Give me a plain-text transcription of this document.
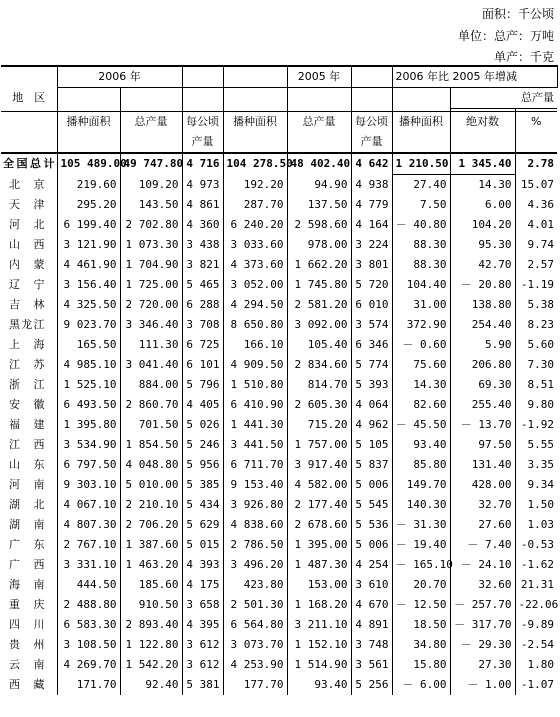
面积：千公顷
单位：总产：万吨
单产：千克
地　区	2006 年				2005 年		2006 年比 2005 年增减		
								总产量	

	播种面积	总产量	每公顷	播种面积	总产量	每公顷	播种面积	绝对数	%
			产量			产量			
全国总计	105 489.00	49 747.80	4 716	104 278.50	48 402.40	4 642	1 210.50	1 345.40	2.78
北京	219.60	109.20	4 973	192.20	94.90	4 938	27.40	14.30	15.07
天津	295.20	143.50	4 861	287.70	137.50	4 779	7.50	6.00	4.36
河北	6 199.40	2 702.80	4 360	6 240.20	2 598.60	4 164	－ 40.80	104.20	4.01
山西	3 121.90	1 073.30	3 438	3 033.60	978.00	3 224	88.30	95.30	9.74
内蒙	4 461.90	1 704.90	3 821	4 373.60	1 662.20	3 801	88.30	42.70	2.57
辽宁	3 156.40	1 725.00	5 465	3 052.00	1 745.80	5 720	104.40	－ 20.80	-1.19
吉林	4 325.50	2 720.00	6 288	4 294.50	2 581.20	6 010	31.00	138.80	5.38
黑龙江	9 023.70	3 346.40	3 708	8 650.80	3 092.00	3 574	372.90	254.40	8.23
上海	165.50	111.30	6 725	166.10	105.40	6 346	－ 0.60	5.90	5.60
江苏	4 985.10	3 041.40	6 101	4 909.50	2 834.60	5 774	75.60	206.80	7.30
浙江	1 525.10	884.00	5 796	1 510.80	814.70	5 393	14.30	69.30	8.51
安徽	6 493.50	2 860.70	4 405	6 410.90	2 605.30	4 064	82.60	255.40	9.80
福建	1 395.80	701.50	5 026	1 441.30	715.20	4 962	－ 45.50	－ 13.70	-1.92
江西	3 534.90	1 854.50	5 246	3 441.50	1 757.00	5 105	93.40	97.50	5.55
山东	6 797.50	4 048.80	5 956	6 711.70	3 917.40	5 837	85.80	131.40	3.35
河南	9 303.10	5 010.00	5 385	9 153.40	4 582.00	5 006	149.70	428.00	9.34
湖北	4 067.10	2 210.10	5 434	3 926.80	2 177.40	5 545	140.30	32.70	1.50
湖南	4 807.30	2 706.20	5 629	4 838.60	2 678.60	5 536	－ 31.30	27.60	1.03
广东	2 767.10	1 387.60	5 015	2 786.50	1 395.00	5 006	－ 19.40	－ 7.40	-0.53
广西	3 331.10	1 463.20	4 393	3 496.20	1 487.30	4 254	－ 165.10	－ 24.10	-1.62
海南	444.50	185.60	4 175	423.80	153.00	3 610	20.70	32.60	21.31
重庆	2 488.80	910.50	3 658	2 501.30	1 168.20	4 670	－ 12.50	－ 257.70	-22.06
四川	6 583.30	2 893.40	4 395	6 564.80	3 211.10	4 891	18.50	－ 317.70	-9.89
贵州	3 108.50	1 122.80	3 612	3 073.70	1 152.10	3 748	34.80	－ 29.30	-2.54
云南	4 269.70	1 542.20	3 612	4 253.90	1 514.90	3 561	15.80	27.30	1.80
西藏	171.70	92.40	5 381	177.70	93.40	5 256	－ 6.00	－ 1.00	-1.07
